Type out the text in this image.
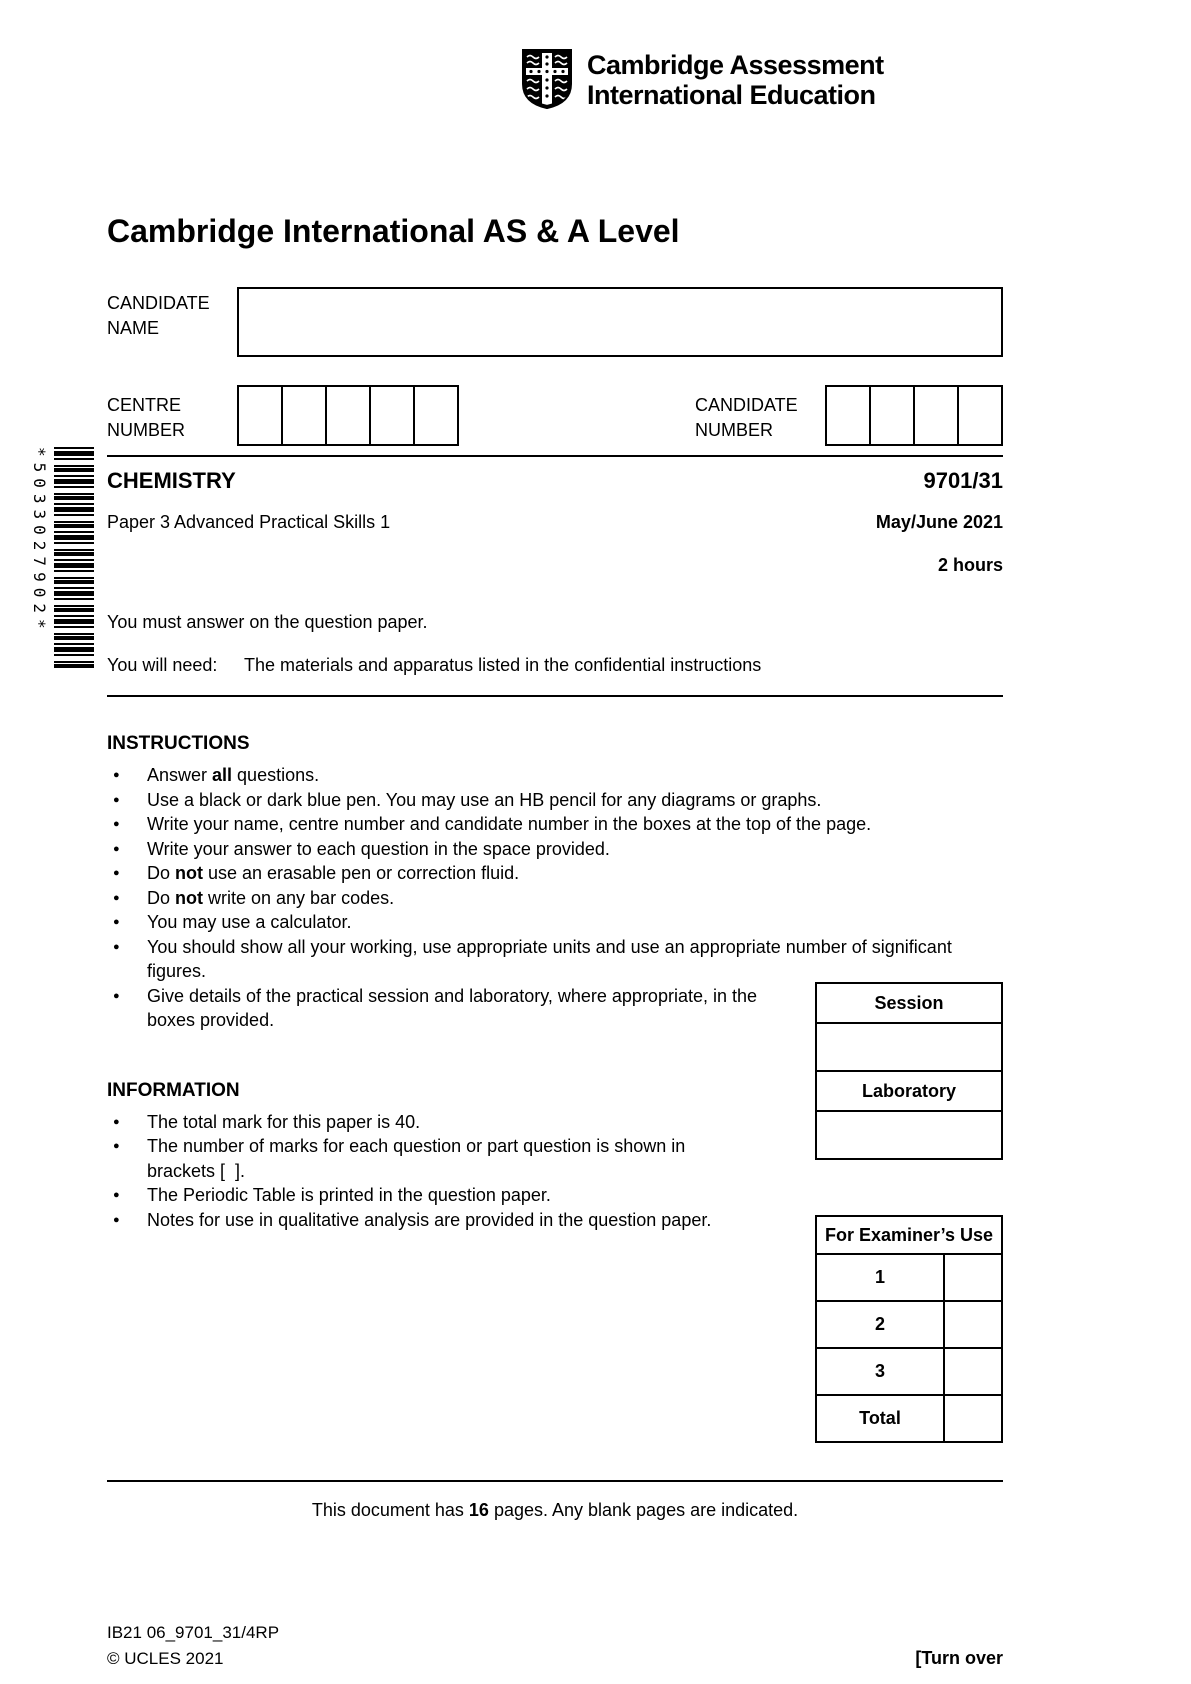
*5033027902*
Cambridge Assessment
International Education
Cambridge International AS & A Level
CANDIDATE
NAME
CENTRE
NUMBER
CANDIDATE
NUMBER
CHEMISTRY	9701/31
Paper 3 Advanced Practical Skills 1	May/June 2021
2 hours
You must answer on the question paper.
You will need:	The materials and apparatus listed in the confidential instructions
INSTRUCTIONS
● Answer all questions.
● Use a black or dark blue pen. You may use an HB pencil for any diagrams or graphs.
● Write your name, centre number and candidate number in the boxes at the top of the page.
● Write your answer to each question in the space provided.
● Do not use an erasable pen or correction fluid.
● Do not write on any bar codes.
● You may use a calculator.
● You should show all your working, use appropriate units and use an appropriate number of significant figures.
● Give details of the practical session and laboratory, where appropriate, in the boxes provided.
INFORMATION
● The total mark for this paper is 40.
● The number of marks for each question or part question is shown in brackets [  ].
● The Periodic Table is printed in the question paper.
● Notes for use in qualitative analysis are provided in the question paper.
Session
Laboratory
For Examiner’s Use
1
2
3
Total
This document has 16 pages. Any blank pages are indicated.
IB21 06_9701_31/4RP
© UCLES 2021	[Turn over
